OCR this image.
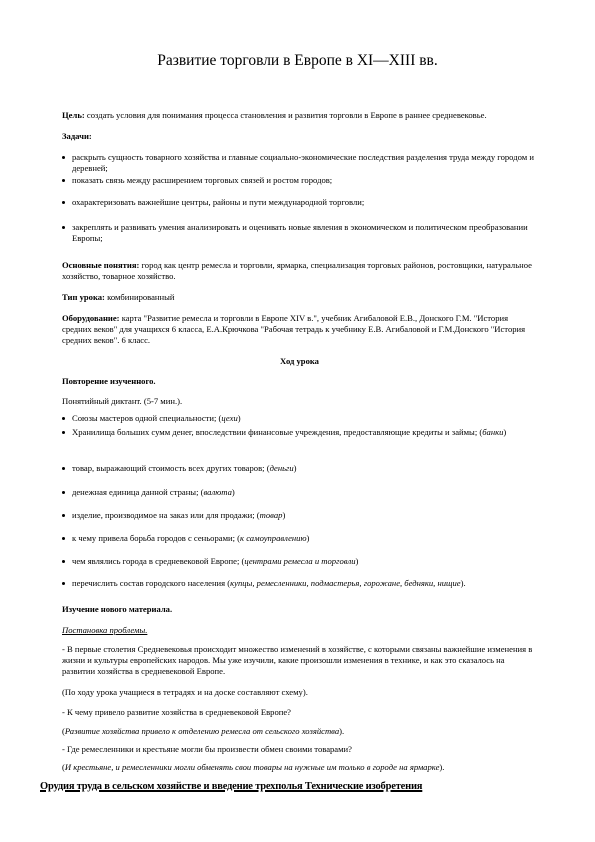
Развитие торговли в Европе в XI—XIII вв.

Цель: создать условия для понимания процесса становления и развития торговли в Европе в раннее средневековье.

Задачи:

раскрыть сущность товарного хозяйства и главные социально-экономические последствия разделения труда между городом и деревней;
показать связь между расширением торговых связей и ростом городов;
охарактеризовать важнейшие центры, районы и пути международной торговли;
закреплять и развивать умения анализировать и оценивать новые явления в экономическом и политическом преобразовании Европы;

Основные понятия: город как центр ремесла и торговли, ярмарка, специализация торговых районов, ростовщики, натуральное хозяйство, товарное хозяйство.

Тип урока: комбинированный

Оборудование: карта "Развитие ремесла и торговли в Европе XIV в.", учебник Агибаловой Е.В., Донского Г.М. "История средних веков" для учащихся 6 класса, Е.А.Крючкова "Рабочая тетрадь к учебнику Е.В. Агибаловой и Г.М.Донского "История средних веков". 6 класс.

Ход урока

Повторение изученного.

Понятийный диктант. (5-7 мин.).

Союзы мастеров одной специальности; (цехи)
Хранилища больших сумм денег, впоследствии финансовые учреждения, предоставляющие кредиты и займы; (банки)
товар, выражающий стоимость всех других товаров; (деньги)
денежная единица данной страны; (валюта)
изделие, производимое на заказ или для продажи; (товар)
к чему привела борьба городов с сеньорами; (к самоуправлению)
чем являлись города в средневековой Европе; (центрами ремесла и торговли)
перечислить состав городского населения (купцы, ремесленники, подмастерья, горожане, бедняки, нищие).

Изучение нового материала.

Постановка проблемы.

- В первые столетия Средневековья происходит множество изменений в хозяйстве, с которыми связаны важнейшие изменения в жизни и культуры европейских народов. Мы уже изучили, какие произошли изменения в технике, и как это сказалось на развитии хозяйства в средневековой Европе.

(По ходу урока учащиеся в тетрадях и на доске составляют схему).

- К чему привело развитие хозяйства в средневековой Европе?

(Развитие хозяйства привело к отделению ремесла от сельского хозяйства).

- Где ремесленники и крестьяне могли бы произвести обмен своими товарами?

(И крестьяне, и ремесленники могли обменять свои товары на нужные им только в городе на ярмарке).

Орудия труда в сельском хозяйстве и введение трехполья Технические изобретения
